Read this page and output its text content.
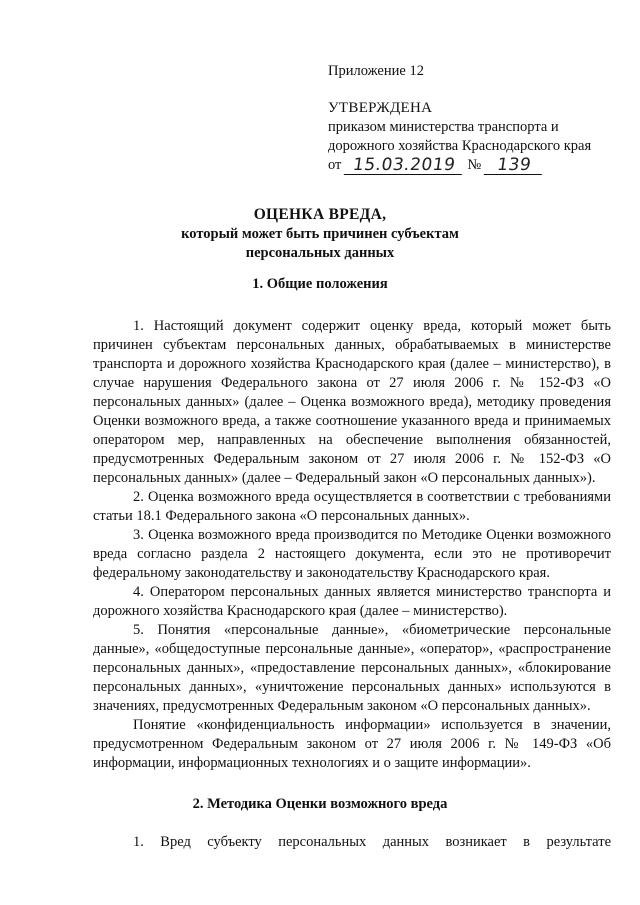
Приложение 12
УТВЕРЖДЕНА
приказом министерства транспорта и
дорожного хозяйства Краснодарского края
от 15.03.2019 № 139
ОЦЕНКА ВРЕДА,
который может быть причинен субъектам
персональных данных
1. Общие положения

1. Настоящий документ содержит оценку вреда, который может быть причинен субъектам персональных данных, обрабатываемых в министерстве транспорта и дорожного хозяйства Краснодарского края (далее – министерство), в случае нарушения Федерального закона от 27 июля 2006 г. № 152-ФЗ «О персональных данных» (далее – Оценка возможного вреда), методику проведения Оценки возможного вреда, а также соотношение указанного вреда и принимаемых оператором мер, направленных на обеспечение выполнения обязанностей, предусмотренных Федеральным законом от 27 июля 2006 г. № 152-ФЗ «О персональных данных» (далее – Федеральный закон «О персональных данных»).

2. Оценка возможного вреда осуществляется в соответствии с требованиями статьи 18.1 Федерального закона «О персональных данных».

3. Оценка возможного вреда производится по Методике Оценки возможного вреда согласно раздела 2 настоящего документа, если это не противоречит федеральному законодательству и законодательству Краснодарского края.

4. Оператором персональных данных является министерство транспорта и дорожного хозяйства Краснодарского края (далее – министерство).

5. Понятия «персональные данные», «биометрические персональные данные», «общедоступные персональные данные», «оператор», «распространение персональных данных», «предоставление персональных данных», «блокирование персональных данных», «уничтожение персональных данных» используются в значениях, предусмотренных Федеральным законом «О персональных данных».

Понятие «конфиденциальность информации» используется в значении, предусмотренном Федеральным законом от 27 июля 2006 г. № 149-ФЗ «Об информации, информационных технологиях и о защите информации».

2. Методика Оценки возможного вреда
1. Вред субъекту персональных данных возникает в результате
